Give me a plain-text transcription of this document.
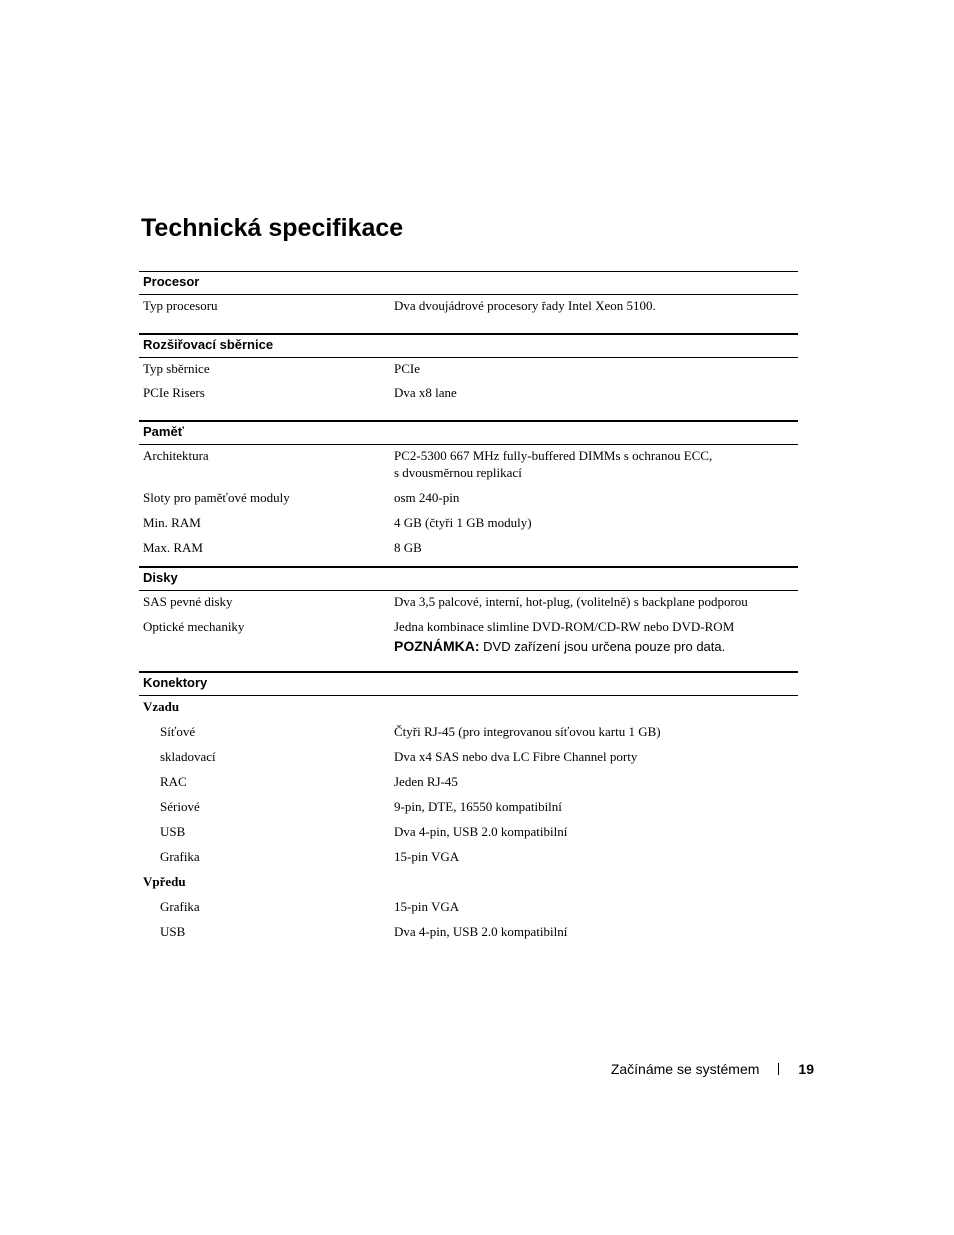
Technická specifikace
Procesor
Typ procesoru	Dva dvoujádrové procesory řady Intel Xeon 5100.
Rozšiřovací sběrnice
Typ sběrnice	PCIe
PCIe Risers	Dva x8 lane
Paměť
Architektura	PC2-5300 667 MHz fully-buffered DIMMs s ochranou ECC,
s dvousměrnou replikací
Sloty pro paměťové moduly	osm 240-pin
Min. RAM	4 GB (čtyři 1 GB moduly)
Max. RAM	8 GB
Disky
SAS pevné disky	Dva 3,5 palcové, interní, hot-plug, (volitelně) s backplane podporou
Optické mechaniky	Jedna kombinace slimline DVD-ROM/CD-RW nebo DVD-ROM
POZNÁMKA: DVD zařízení jsou určena pouze pro data.
Konektory
Vzadu
Síťové	Čtyři RJ-45 (pro integrovanou síťovou kartu 1 GB)
skladovací	Dva x4 SAS nebo dva LC Fibre Channel porty
RAC	Jeden RJ-45
Sériové	9-pin, DTE, 16550 kompatibilní
USB	Dva 4-pin, USB 2.0 kompatibilní
Grafika	15-pin VGA
Vpředu
Grafika	15-pin VGA
USB	Dva 4-pin, USB 2.0 kompatibilní
Začínáme se systémem	19
